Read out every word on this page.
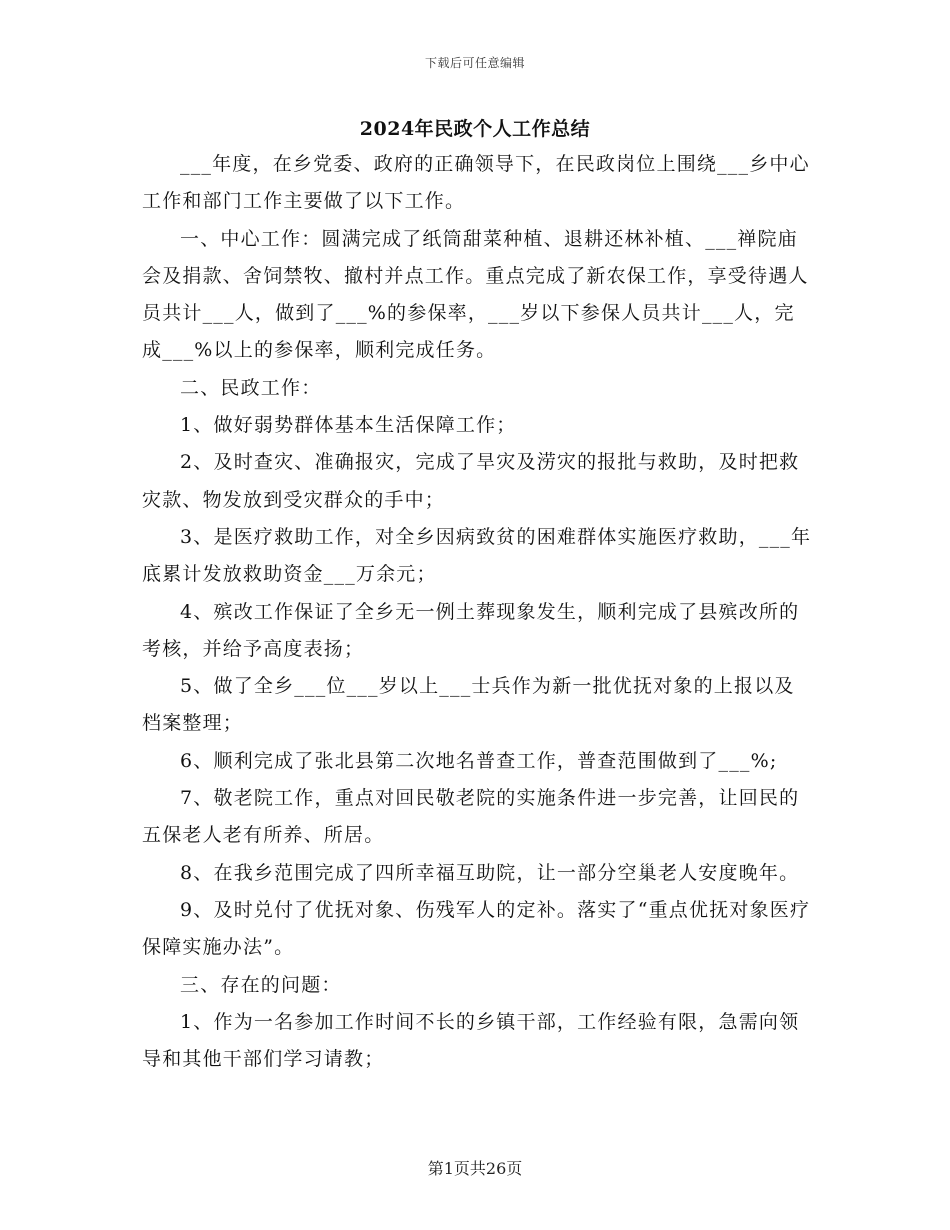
下载后可任意编辑
2024年民政个人工作总结

___年度，在乡党委、政府的正确领导下，在民政岗位上围绕___乡中心工作和部门工作主要做了以下工作。

一、中心工作：圆满完成了纸筒甜菜种植、退耕还林补植、___禅院庙会及捐款、舍饲禁牧、撤村并点工作。重点完成了新农保工作，享受待遇人员共计___人，做到了___%的参保率，___岁以下参保人员共计___人，完成___%以上的参保率，顺利完成任务。

二、民政工作：

1、做好弱势群体基本生活保障工作；

2、及时查灾、准确报灾，完成了旱灾及涝灾的报批与救助，及时把救灾款、物发放到受灾群众的手中；

3、是医疗救助工作，对全乡因病致贫的困难群体实施医疗救助，___年底累计发放救助资金___万余元；

4、殡改工作保证了全乡无一例土葬现象发生，顺利完成了县殡改所的考核，并给予高度表扬；

5、做了全乡___位___岁以上___士兵作为新一批优抚对象的上报以及档案整理；

6、顺利完成了张北县第二次地名普查工作，普查范围做到了___%;

7、敬老院工作，重点对回民敬老院的实施条件进一步完善，让回民的五保老人老有所养、所居。

8、在我乡范围完成了四所幸福互助院，让一部分空巢老人安度晚年。

9、及时兑付了优抚对象、伤残军人的定补。落实了“重点优抚对象医疗保障实施办法”。

三、存在的问题：

1、作为一名参加工作时间不长的乡镇干部，工作经验有限，急需向领导和其他干部们学习请教；

第1页共26页
